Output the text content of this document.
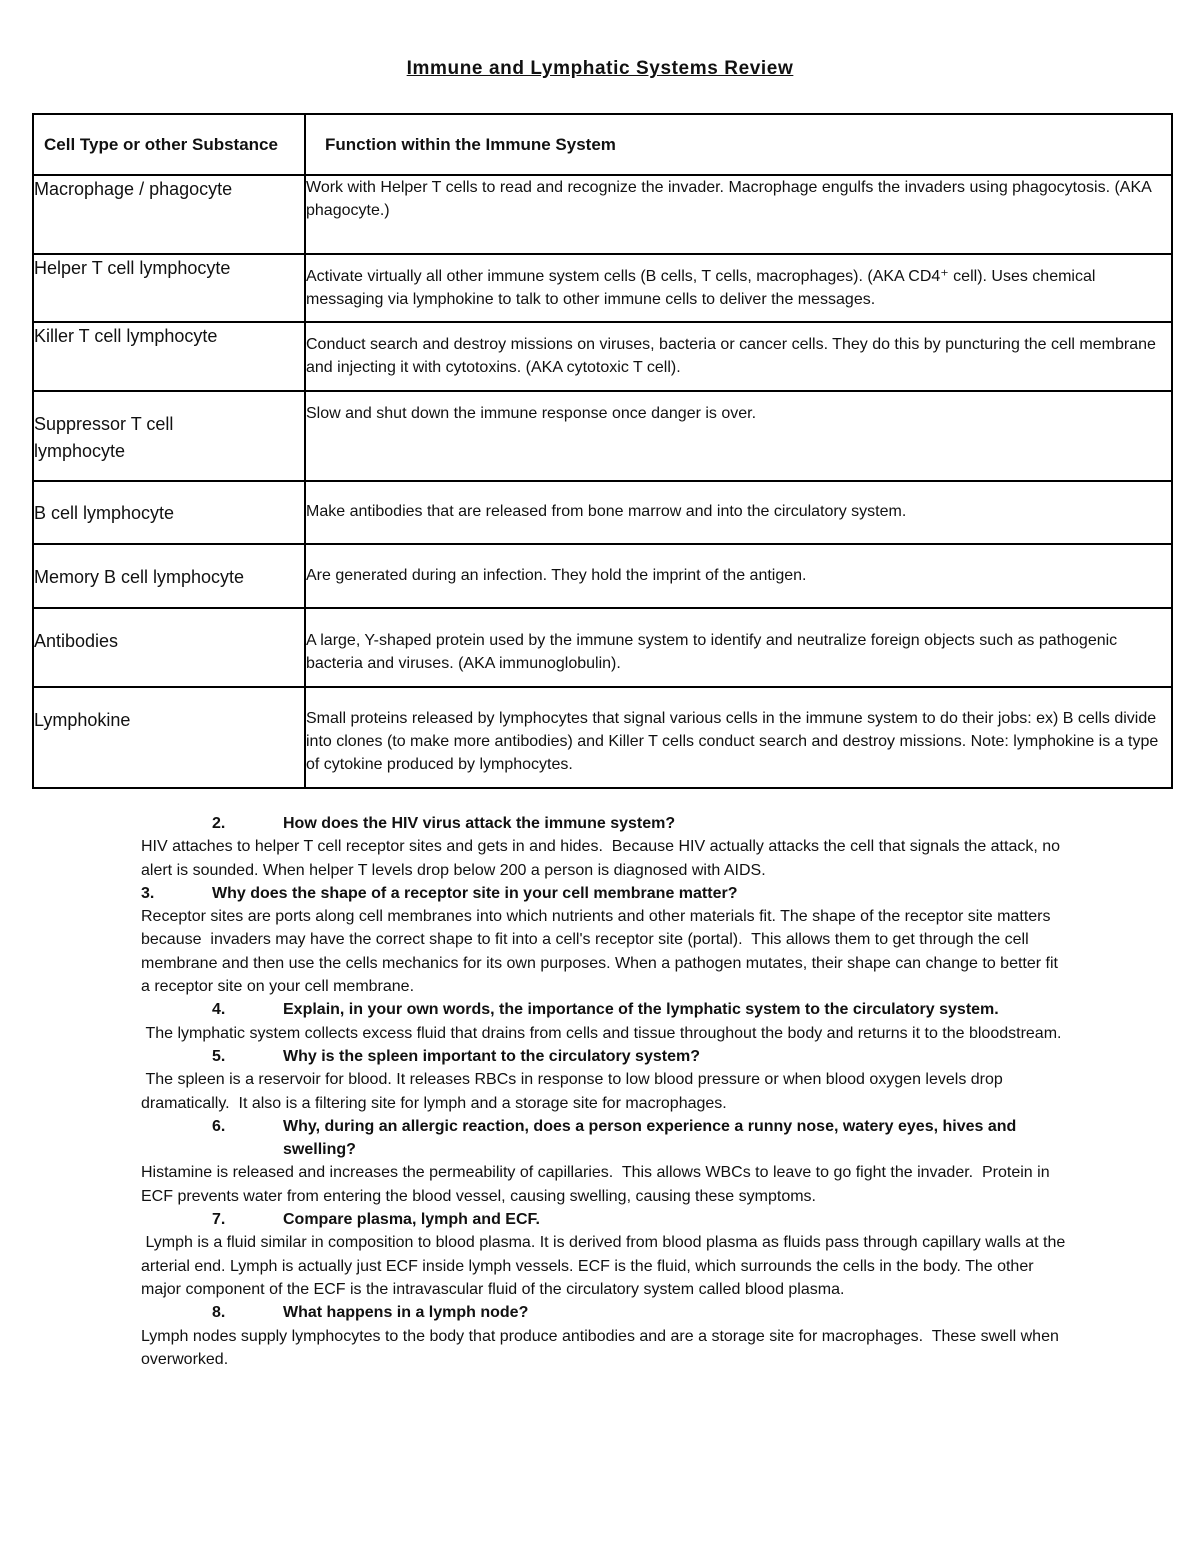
Immune and Lymphatic Systems Review
Cell Type or other Substance	Function within the Immune System
Macrophage / phagocyte	Work with Helper T cells to read and recognize the invader. Macrophage engulfs the invaders using phagocytosis. (AKA phagocyte.)
Helper T cell lymphocyte	Activate virtually all other immune system cells (B cells, T cells, macrophages). (AKA CD4⁺ cell). Uses chemical messaging via lymphokine to talk to other immune cells to deliver the messages.
Killer T cell lymphocyte	Conduct search and destroy missions on viruses, bacteria or cancer cells. They do this by puncturing the cell membrane and injecting it with cytotoxins. (AKA cytotoxic T cell).
Suppressor T cell lymphocyte	Slow and shut down the immune response once danger is over.
B cell lymphocyte	Make antibodies that are released from bone marrow and into the circulatory system.
Memory B cell lymphocyte	Are generated during an infection. They hold the imprint of the antigen.
Antibodies	A large, Y-shaped protein used by the immune system to identify and neutralize foreign objects such as pathogenic bacteria and viruses. (AKA immunoglobulin).
Lymphokine	Small proteins released by lymphocytes that signal various cells in the immune system to do their jobs: ex) B cells divide into clones (to make more antibodies) and Killer T cells conduct search and destroy missions. Note: lymphokine is a type of cytokine produced by lymphocytes.
2.	How does the HIV virus attack the immune system?
HIV attaches to helper T cell receptor sites and gets in and hides.  Because HIV actually attacks the cell that signals the attack, no alert is sounded. When helper T levels drop below 200 a person is diagnosed with AIDS.
3.	Why does the shape of a receptor site in your cell membrane matter?
Receptor sites are ports along cell membranes into which nutrients and other materials fit. The shape of the receptor site matters because  invaders may have the correct shape to fit into a cell's receptor site (portal).  This allows them to get through the cell membrane and then use the cells mechanics for its own purposes. When a pathogen mutates, their shape can change to better fit a receptor site on your cell membrane.
4.	Explain, in your own words, the importance of the lymphatic system to the circulatory system.
The lymphatic system collects excess fluid that drains from cells and tissue throughout the body and returns it to the bloodstream.
5.	Why is the spleen important to the circulatory system?
The spleen is a reservoir for blood. It releases RBCs in response to low blood pressure or when blood oxygen levels drop dramatically.  It also is a filtering site for lymph and a storage site for macrophages.
6.	Why, during an allergic reaction, does a person experience a runny nose, watery eyes, hives and swelling?
Histamine is released and increases the permeability of capillaries.  This allows WBCs to leave to go fight the invader.  Protein in ECF prevents water from entering the blood vessel, causing swelling, causing these symptoms.
7.	Compare plasma, lymph and ECF.
Lymph is a fluid similar in composition to blood plasma. It is derived from blood plasma as fluids pass through capillary walls at the arterial end. Lymph is actually just ECF inside lymph vessels. ECF is the fluid, which surrounds the cells in the body. The other major component of the ECF is the intravascular fluid of the circulatory system called blood plasma.
8.	What happens in a lymph node?
Lymph nodes supply lymphocytes to the body that produce antibodies and are a storage site for macrophages.  These swell when overworked.
